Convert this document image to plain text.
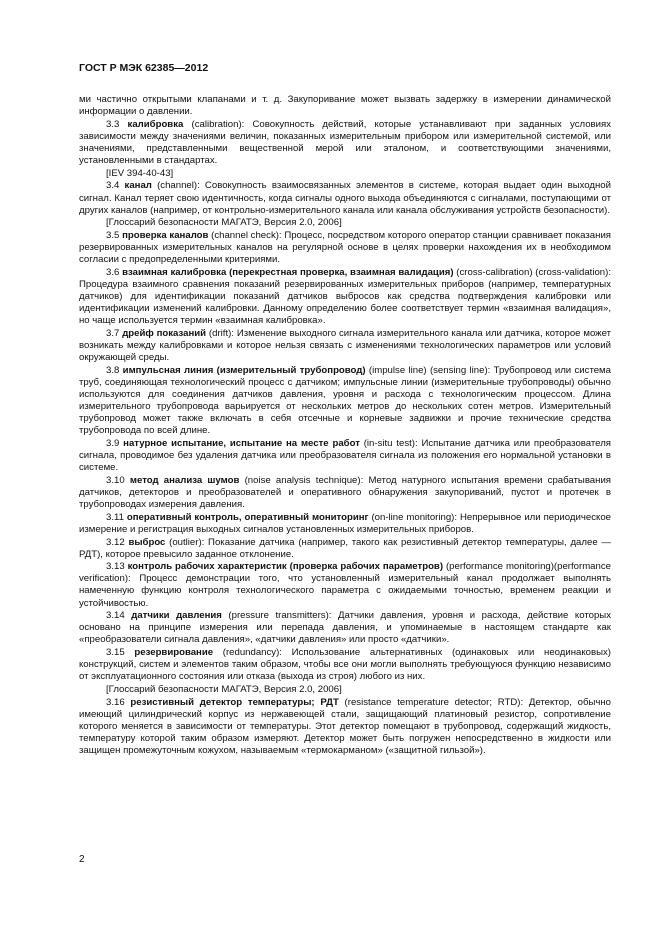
ГОСТ Р МЭК 62385—2012

ми частично открытыми клапанами и т. д. Закупоривание может вызвать задержку в измерении динамической информации о давлении.

3.3 калибровка (calibration): Совокупность действий, которые устанавливают при заданных условиях зависимости между значениями величин, показанных измерительным прибором или измерительной системой, или значениями, представленными вещественной мерой или эталоном, и соответствующими значениями, установленными в стандартах.

[IEV 394-40-43]

3.4 канал (channel): Совокупность взаимосвязанных элементов в системе, которая выдает один выходной сигнал. Канал теряет свою идентичность, когда сигналы одного выхода объединяются с сигналами, поступающими от других каналов (например, от контрольно-измерительного канала или канала обслуживания устройств безопасности).

[Глоссарий безопасности МАГАТЭ, Версия 2.0, 2006]

3.5 проверка каналов (channel check): Процесс, посредством которого оператор станции сравнивает показания резервированных измерительных каналов на регулярной основе в целях проверки нахождения их в необходимом согласии с предопределенными критериями.

3.6 взаимная калибровка (перекрестная проверка, взаимная валидация) (cross-calibration) (cross-validation): Процедура взаимного сравнения показаний резервированных измерительных приборов (например, температурных датчиков) для идентификации показаний датчиков выбросов как средства подтверждения калибровки или идентификации изменений калибровки. Данному определению более соответствует термин «взаимная валидация», но чаще используется термин «взаимная калибровка».

3.7 дрейф показаний (drift): Изменение выходного сигнала измерительного канала или датчика, которое может возникать между калибровками и которое нельзя связать с изменениями технологических параметров или условий окружающей среды.

3.8 импульсная линия (измерительный трубопровод) (impulse line) (sensing line): Трубопровод или система труб, соединяющая технологический процесс с датчиком; импульсные линии (измерительные трубопроводы) обычно используются для соединения датчиков давления, уровня и расхода с технологическим процессом. Длина измерительного трубопровода варьируется от нескольких метров до нескольких сотен метров. Измерительный трубопровод может также включать в себя отсечные и корневые задвижки и прочие технические средства трубопровода по всей длине.

3.9 натурное испытание, испытание на месте работ (in-situ test): Испытание датчика или преобразователя сигнала, проводимое без удаления датчика или преобразователя сигнала из положения его нормальной установки в системе.

3.10 метод анализа шумов (noise analysis technique): Метод натурного испытания времени срабатывания датчиков, детекторов и преобразователей и оперативного обнаружения закупориваний, пустот и протечек в трубопроводах измерения давления.

3.11 оперативный контроль, оперативный мониторинг (on-line monitoring): Непрерывное или периодическое измерение и регистрация выходных сигналов установленных измерительных приборов.

3.12 выброс (outlier): Показание датчика (например, такого как резистивный детектор температуры, далее — РДТ), которое превысило заданное отклонение.

3.13 контроль рабочих характеристик (проверка рабочих параметров) (performance monitoring)(performance verification): Процесс демонстрации того, что установленный измерительный канал продолжает выполнять намеченную функцию контроля технологического параметра с ожидаемыми точностью, временем реакции и устойчивостью.

3.14 датчики давления (pressure transmitters): Датчики давления, уровня и расхода, действие которых основано на принципе измерения или перепада давления, и упоминаемые в настоящем стандарте как «преобразователи сигнала давления», «датчики давления» или просто «датчики».

3.15 резервирование (redundancy): Использование альтернативных (одинаковых или неодинаковых) конструкций, систем и элементов таким образом, чтобы все они могли выполнять требующуюся функцию независимо от эксплуатационного состояния или отказа (выхода из строя) любого из них.

[Глоссарий безопасности МАГАТЭ, Версия 2.0, 2006]

3.16 резистивный детектор температуры; РДТ (resistance temperature detector; RTD): Детектор, обычно имеющий цилиндрический корпус из нержавеющей стали, защищающий платиновый резистор, сопротивление которого меняется в зависимости от температуры. Этот детектор помещают в трубопровод, содержащий жидкость, температуру которой таким образом измеряют. Детектор может быть погружен непосредственно в жидкости или защищен промежуточным кожухом, называемым «термокарманом» («защитной гильзой»).

2
